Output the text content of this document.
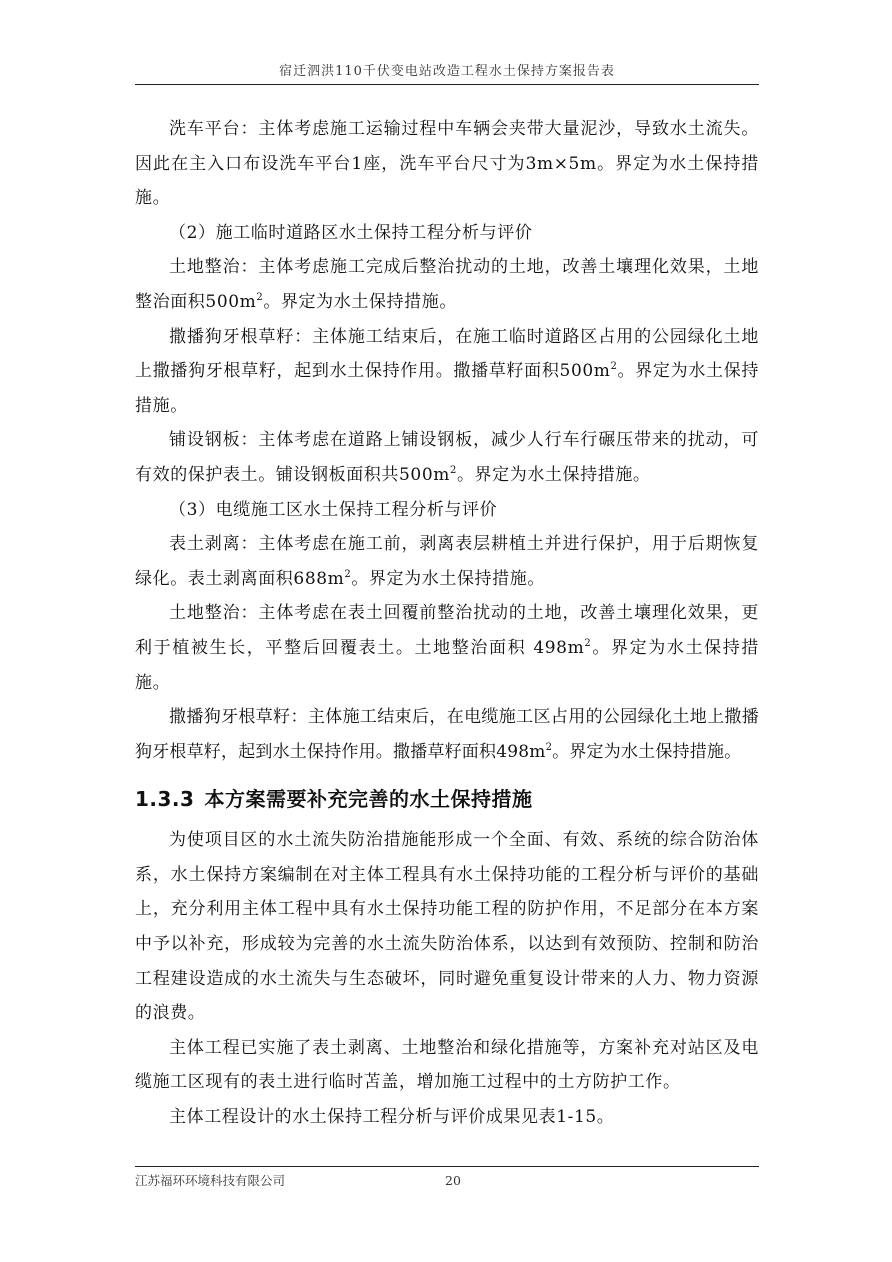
宿迁泗洪110千伏变电站改造工程水土保持方案报告表

洗车平台：主体考虑施工运输过程中车辆会夹带大量泥沙，导致水土流失。因此在主入口布设洗车平台1座，洗车平台尺寸为3m×5m。界定为水土保持措施。

（2）施工临时道路区水土保持工程分析与评价

土地整治：主体考虑施工完成后整治扰动的土地，改善土壤理化效果，土地整治面积$500m^2$。界定为水土保持措施。

撒播狗牙根草籽：主体施工结束后，在施工临时道路区占用的公园绿化土地上撒播狗牙根草籽，起到水土保持作用。撒播草籽面积$500m^2$。界定为水土保持措施。

铺设钢板：主体考虑在道路上铺设钢板，减少人行车行碾压带来的扰动，可有效的保护表土。铺设钢板面积共$500m^2$。界定为水土保持措施。

（3）电缆施工区水土保持工程分析与评价

表土剥离：主体考虑在施工前，剥离表层耕植土并进行保护，用于后期恢复绿化。表土剥离面积$688m^2$。界定为水土保持措施。

土地整治：主体考虑在表土回覆前整治扰动的土地，改善土壤理化效果，更利于植被生长，平整后回覆表土。土地整治面积 $498m^2$。界定为水土保持措施。

撒播狗牙根草籽：主体施工结束后，在电缆施工区占用的公园绿化土地上撒播狗牙根草籽，起到水土保持作用。撒播草籽面积$498m^2$。界定为水土保持措施。

1.3.3 本方案需要补充完善的水土保持措施

为使项目区的水土流失防治措施能形成一个全面、有效、系统的综合防治体系，水土保持方案编制在对主体工程具有水土保持功能的工程分析与评价的基础上，充分利用主体工程中具有水土保持功能工程的防护作用，不足部分在本方案中予以补充，形成较为完善的水土流失防治体系，以达到有效预防、控制和防治工程建设造成的水土流失与生态破坏，同时避免重复设计带来的人力、物力资源的浪费。

主体工程已实施了表土剥离、土地整治和绿化措施等，方案补充对站区及电缆施工区现有的表土进行临时苫盖，增加施工过程中的土方防护工作。

主体工程设计的水土保持工程分析与评价成果见表1-15。

江苏福环环境科技有限公司	20
